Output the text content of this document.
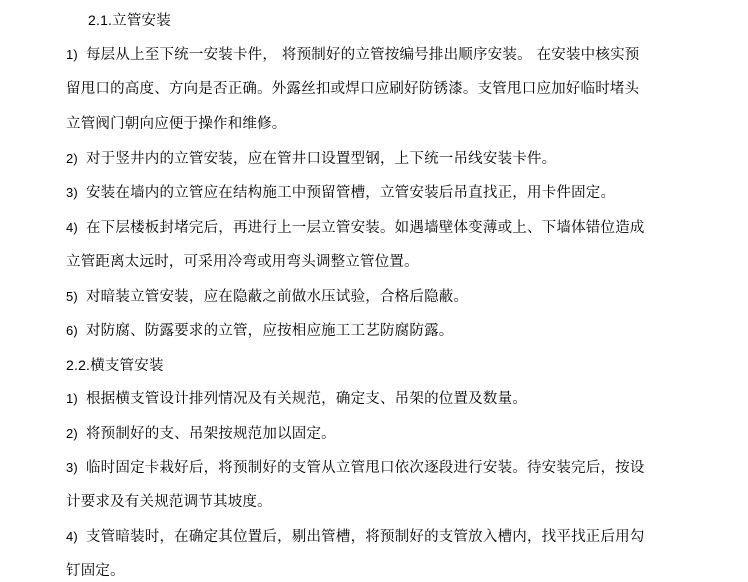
2.1.立管安装
1) 每层从上至下统一安装卡件， 将预制好的立管按编号排出顺序安装。 在安装中核实预
留甩口的高度、方向是否正确。外露丝扣或焊口应刷好防锈漆。支管甩口应加好临时堵头
立管阀门朝向应便于操作和维修。
2) 对于竖井内的立管安装，应在管井口设置型钢，上下统一吊线安装卡件。
3) 安装在墙内的立管应在结构施工中预留管槽，立管安装后吊直找正，用卡件固定。
4) 在下层楼板封堵完后，再进行上一层立管安装。如遇墙壁体变薄或上、下墙体错位造成
立管距离太远时，可采用冷弯或用弯头调整立管位置。
5) 对暗装立管安装，应在隐蔽之前做水压试验，合格后隐蔽。
6) 对防腐、防露要求的立管，应按相应施工工艺防腐防露。
2.2.横支管安装
1) 根据横支管设计排列情况及有关规范，确定支、吊架的位置及数量。
2) 将预制好的支、吊架按规范加以固定。
3) 临时固定卡栽好后，将预制好的支管从立管甩口依次逐段进行安装。待安装完后，按设
计要求及有关规范调节其坡度。
4) 支管暗装时，在确定其位置后，剔出管槽，将预制好的支管放入槽内，找平找正后用勾
钉固定。
